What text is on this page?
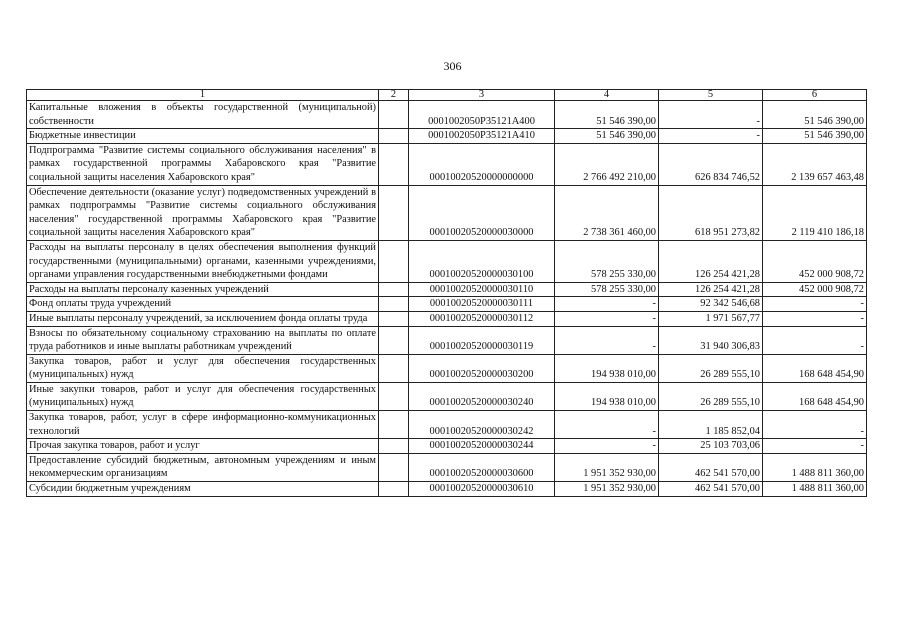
306
1	2	3	4	5	6
Капитальные вложения в объекты государственной (муниципальной) собственности		0001002050P35121A400	51 546 390,00	-	51 546 390,00
Бюджетные инвестиции		0001002050P35121A410	51 546 390,00	-	51 546 390,00
Подпрограмма "Развитие системы социального обслуживания населения" в рамках государственной программы Хабаровского края "Развитие социальной защиты населения Хабаровского края"		00010020520000000000	2 766 492 210,00	626 834 746,52	2 139 657 463,48
Обеспечение деятельности (оказание услуг) подведомственных учреждений в рамках подпрограммы "Развитие системы социального обслуживания населения" государственной программы Хабаровского края "Развитие социальной защиты населения Хабаровского края"		00010020520000030000	2 738 361 460,00	618 951 273,82	2 119 410 186,18
Расходы на выплаты персоналу в целях обеспечения выполнения функций государственными (муниципальными) органами, казенными учреждениями, органами управления государственными внебюджетными фондами		00010020520000030100	578 255 330,00	126 254 421,28	452 000 908,72
Расходы на выплаты персоналу казенных учреждений		00010020520000030110	578 255 330,00	126 254 421,28	452 000 908,72
Фонд оплаты труда учреждений		00010020520000030111	-	92 342 546,68	-
Иные выплаты персоналу учреждений, за исключением фонда оплаты труда		00010020520000030112	-	1 971 567,77	-
Взносы по обязательному социальному страхованию на выплаты по оплате труда работников и иные выплаты работникам учреждений		00010020520000030119	-	31 940 306,83	-
Закупка товаров, работ и услуг для обеспечения государственных (муниципальных) нужд		00010020520000030200	194 938 010,00	26 289 555,10	168 648 454,90
Иные закупки товаров, работ и услуг для обеспечения государственных (муниципальных) нужд		00010020520000030240	194 938 010,00	26 289 555,10	168 648 454,90
Закупка товаров, работ, услуг в сфере информационно-коммуникационных технологий		00010020520000030242	-	1 185 852,04	-
Прочая закупка товаров, работ и услуг		00010020520000030244	-	25 103 703,06	-
Предоставление субсидий бюджетным, автономным учреждениям и иным некоммерческим организациям		00010020520000030600	1 951 352 930,00	462 541 570,00	1 488 811 360,00
Субсидии бюджетным учреждениям		00010020520000030610	1 951 352 930,00	462 541 570,00	1 488 811 360,00
